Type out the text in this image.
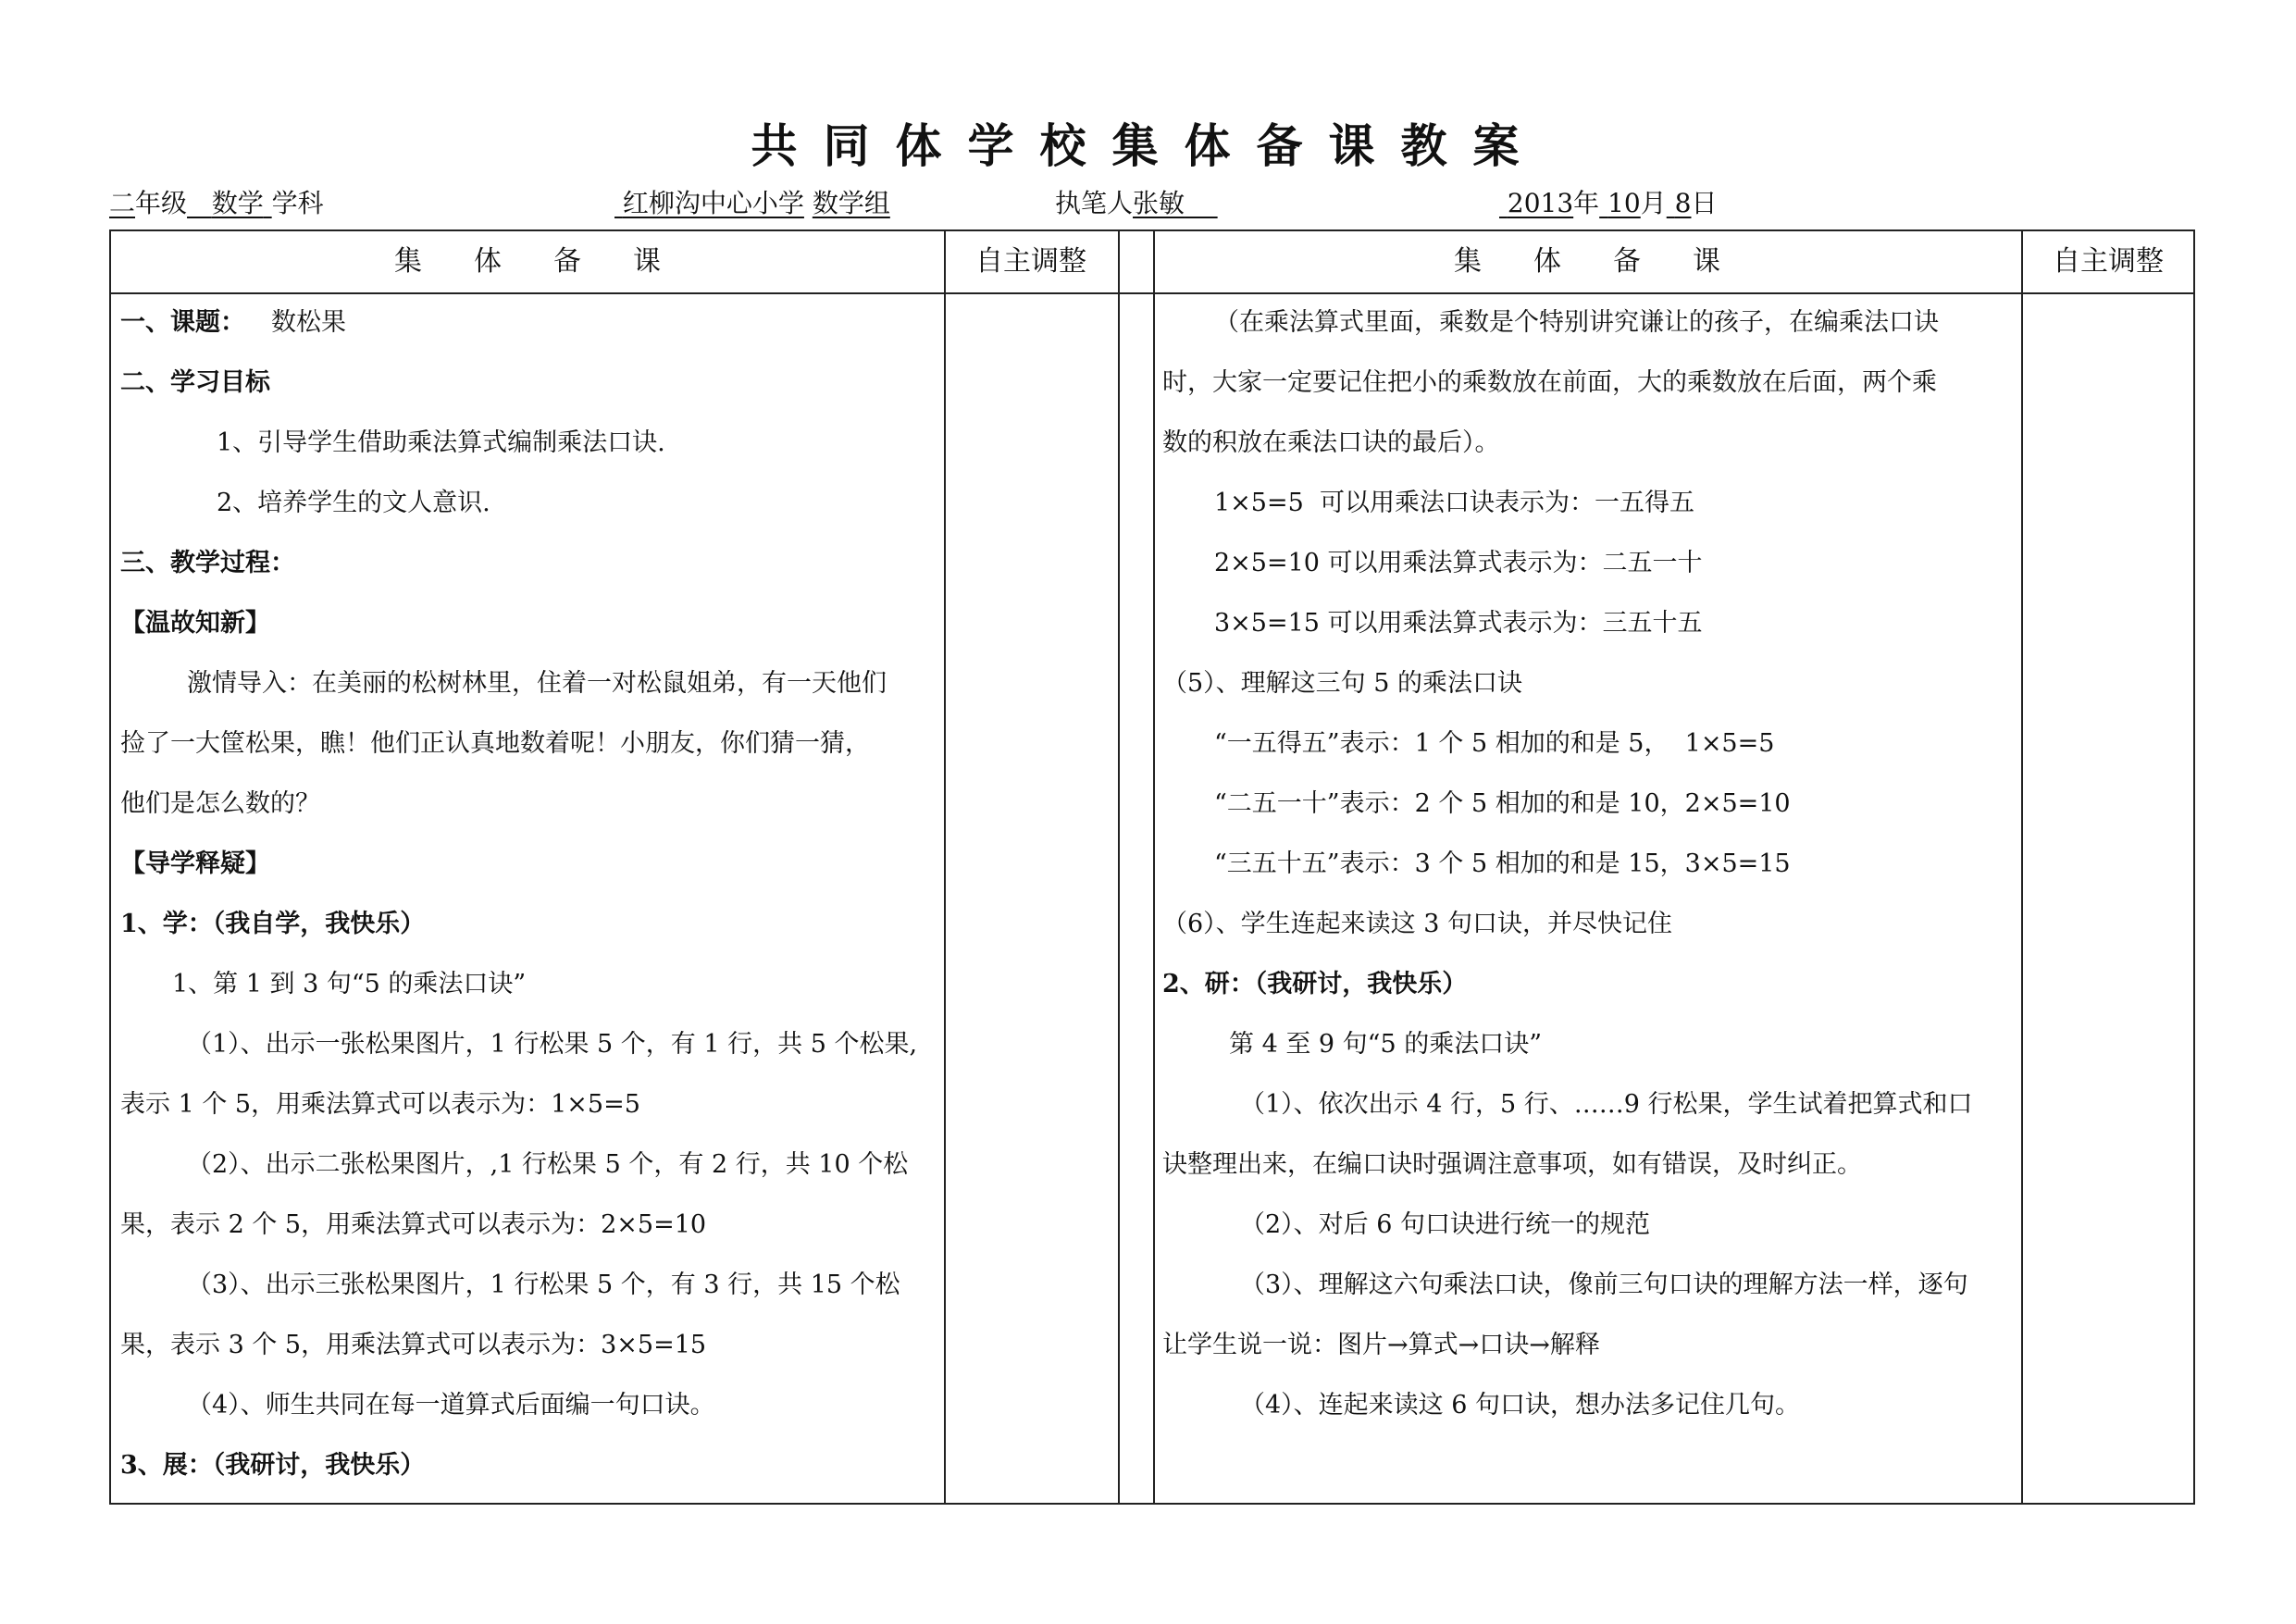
共同体学校集体备课教案
二年级 数学 学科	红柳沟中心小学 数学组	执笔人张敏	2013年 10月 8日
集体备课	自主调整	集体备课	自主调整
一、课题： 数松果
二、学习目标
1、引导学生借助乘法算式编制乘法口诀.
2、培养学生的文人意识.
三、教学过程：
【温故知新】
激情导入：在美丽的松树林里，住着一对松鼠姐弟，有一天他们
捡了一大筐松果，瞧！他们正认真地数着呢！小朋友，你们猜一猜，
他们是怎么数的？
【导学释疑】
1、学：（我自学，我快乐）
1、第 1 到 3 句“5 的乘法口诀”
（1）、出示一张松果图片，1 行松果 5 个，有 1 行，共 5 个松果,
表示 1 个 5，用乘法算式可以表示为：1×5=5
（2）、出示二张松果图片，,1 行松果 5 个，有 2 行，共 10 个松
果，表示 2 个 5，用乘法算式可以表示为：2×5=10
（3）、出示三张松果图片，1 行松果 5 个，有 3 行，共 15 个松
果，表示 3 个 5，用乘法算式可以表示为：3×5=15
（4）、师生共同在每一道算式后面编一句口诀。
3、展：（我研讨，我快乐）
（在乘法算式里面，乘数是个特别讲究谦让的孩子，在编乘法口诀
时，大家一定要记住把小的乘数放在前面，大的乘数放在后面，两个乘
数的积放在乘法口诀的最后）。
1×5=5  可以用乘法口诀表示为：一五得五
2×5=10 可以用乘法算式表示为：二五一十
3×5=15 可以用乘法算式表示为：三五十五
（5）、理解这三句 5 的乘法口诀
“一五得五”表示：1 个 5 相加的和是 5，  1×5=5
“二五一十”表示：2 个 5 相加的和是 10，2×5=10
“三五十五”表示：3 个 5 相加的和是 15，3×5=15
（6）、学生连起来读这 3 句口诀，并尽快记住
2、研：（我研讨，我快乐）
第 4 至 9 句“5 的乘法口诀”
（1）、依次出示 4 行，5 行、……9 行松果，学生试着把算式和口
诀整理出来，在编口诀时强调注意事项，如有错误，及时纠正。
（2）、对后 6 句口诀进行统一的规范
（3）、理解这六句乘法口诀，像前三句口诀的理解方法一样，逐句
让学生说一说：图片→算式→口诀→解释
（4）、连起来读这 6 句口诀，想办法多记住几句。
